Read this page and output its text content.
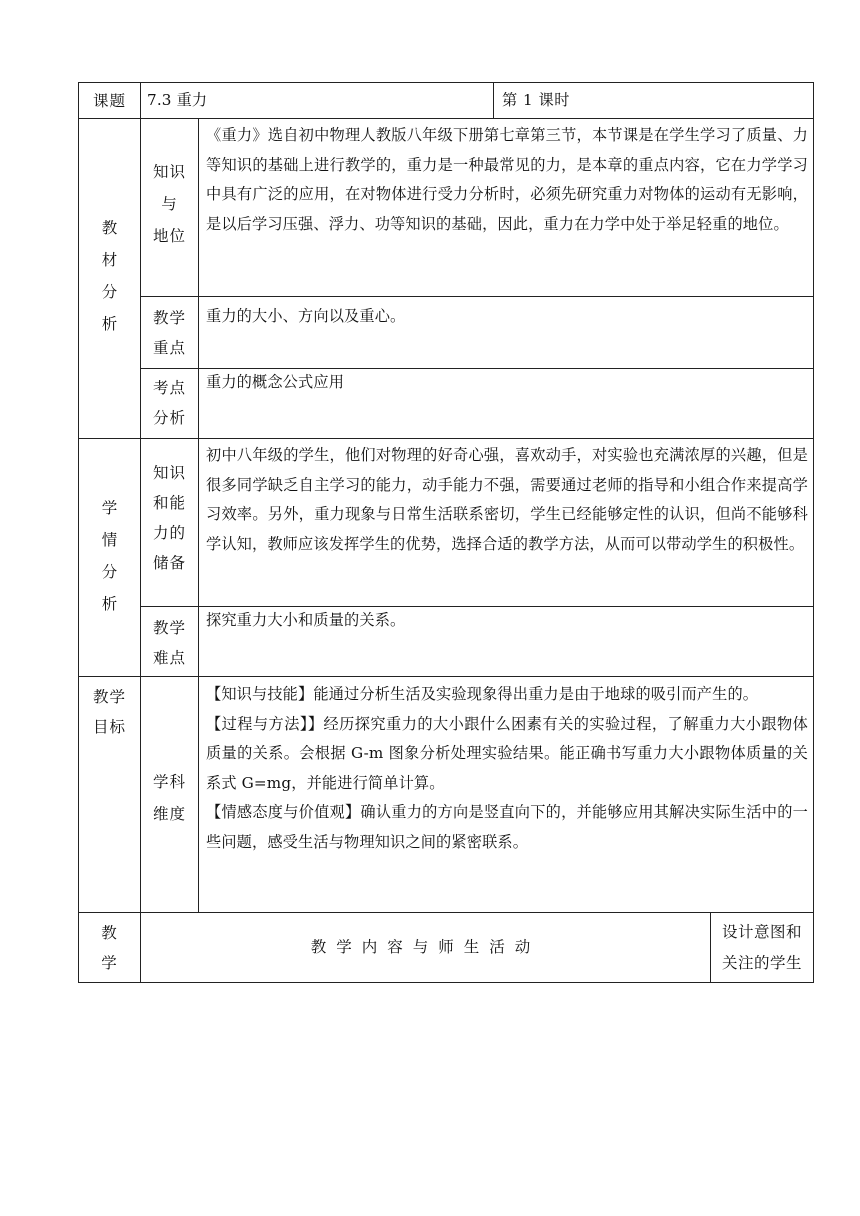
课题	7.3 重力	第 1 课时
教
材
分
析
知识
与
地位
《重力》选自初中物理人教版八年级下册第七章第三节，本节课是在学生学习了质量、力等知识的基础上进行教学的，重力是一种最常见的力，是本章的重点内容，它在力学学习中具有广泛的应用，在对物体进行受力分析时，必须先研究重力对物体的运动有无影响，是以后学习压强、浮力、功等知识的基础，因此，重力在力学中处于举足轻重的地位。
教学
重点
重力的大小、方向以及重心。
考点
分析
重力的概念公式应用
学
情
分
析
知识
和能
力的
储备
初中八年级的学生，他们对物理的好奇心强，喜欢动手，对实验也充满浓厚的兴趣，但是很多同学缺乏自主学习的能力，动手能力不强，需要通过老师的指导和小组合作来提高学习效率。另外，重力现象与日常生活联系密切，学生已经能够定性的认识，但尚不能够科学认知，教师应该发挥学生的优势，选择合适的教学方法，从而可以带动学生的积极性。
教学
难点
探究重力大小和质量的关系。
教学
目标
学科
维度

【知识与技能】能通过分析生活及实验现象得出重力是由于地球的吸引而产生的。

【过程与方法】】经历探究重力的大小跟什么困素有关的实验过程，了解重力大小跟物体质量的关系。会根据 G-m 图象分析处理实验结果。能正确书写重力大小跟物体质量的关系式 G=mg，并能进行简单计算。

【情感态度与价值观】确认重力的方向是竖直向下的，并能够应用其解决实际生活中的一些问题，感受生活与物理知识之间的紧密联系。

教
学
教学内容与师生活动
设计意图和
关注的学生
